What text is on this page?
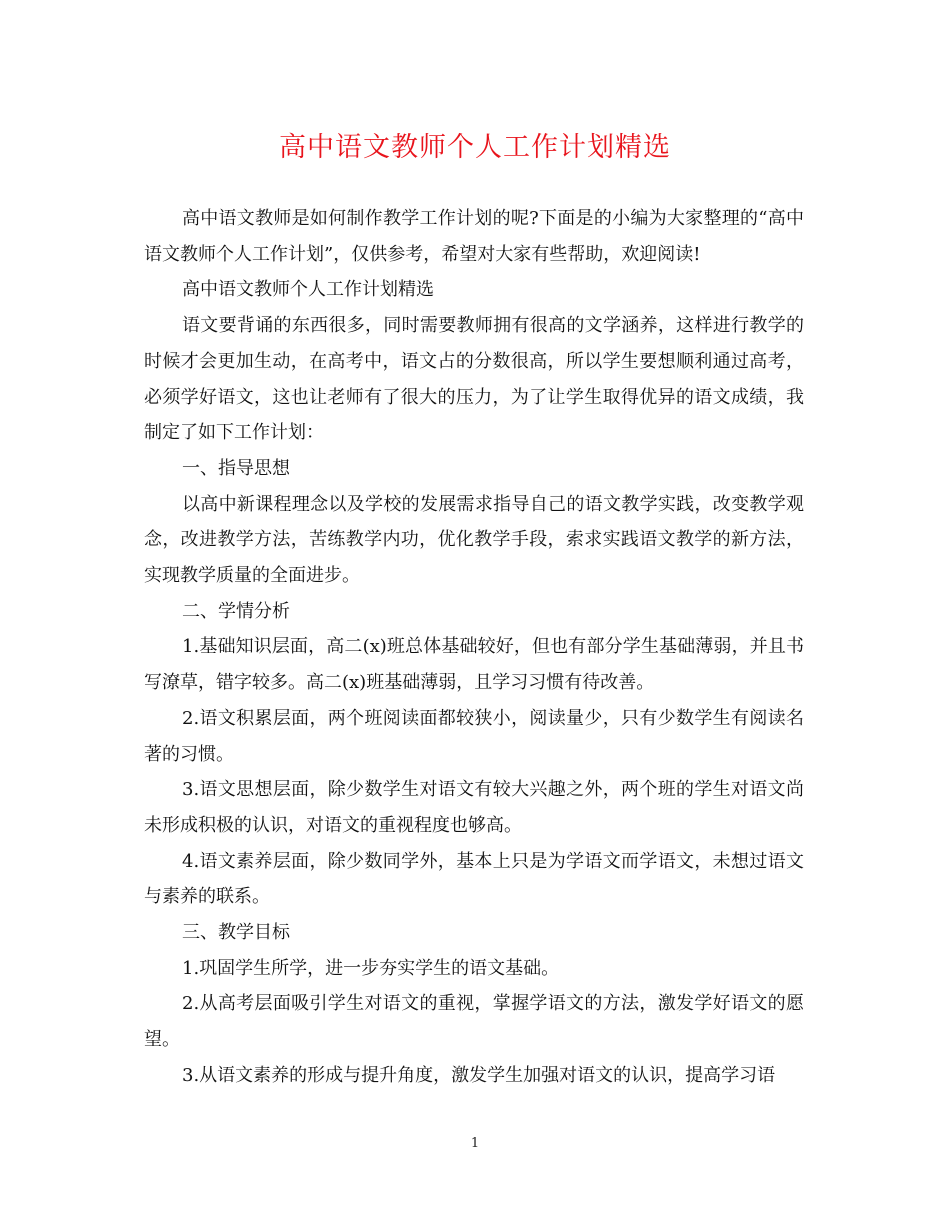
高中语文教师个人工作计划精选

高中语文教师是如何制作教学工作计划的呢?下面是的小编为大家整理的“高中语文教师个人工作计划”，仅供参考，希望对大家有些帮助，欢迎阅读!

高中语文教师个人工作计划精选

语文要背诵的东西很多，同时需要教师拥有很高的文学涵养，这样进行教学的时候才会更加生动，在高考中，语文占的分数很高，所以学生要想顺利通过高考，必须学好语文，这也让老师有了很大的压力，为了让学生取得优异的语文成绩，我制定了如下工作计划：

一、指导思想

以高中新课程理念以及学校的发展需求指导自己的语文教学实践，改变教学观念，改进教学方法，苦练教学内功，优化教学手段，索求实践语文教学的新方法，实现教学质量的全面进步。

二、学情分析

1.基础知识层面，高二(x)班总体基础较好，但也有部分学生基础薄弱，并且书写潦草，错字较多。高二(x)班基础薄弱，且学习习惯有待改善。

2.语文积累层面，两个班阅读面都较狭小，阅读量少，只有少数学生有阅读名著的习惯。

3.语文思想层面，除少数学生对语文有较大兴趣之外，两个班的学生对语文尚未形成积极的认识，对语文的重视程度也够高。

4.语文素养层面，除少数同学外，基本上只是为学语文而学语文，未想过语文与素养的联系。

三、教学目标

1.巩固学生所学，进一步夯实学生的语文基础。

2.从高考层面吸引学生对语文的重视，掌握学语文的方法，激发学好语文的愿望。

3.从语文素养的形成与提升角度，激发学生加强对语文的认识，提高学习语

1
